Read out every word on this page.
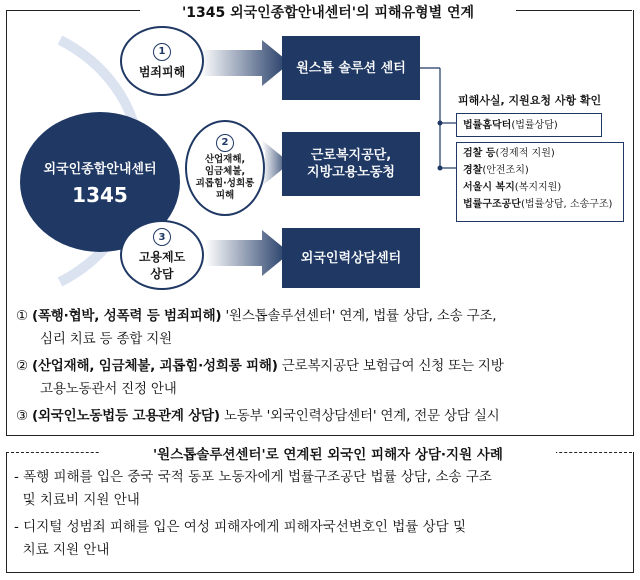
'1345 외국인종합안내센터'의 피해유형별 연계
외국인종합안내센터
1345
1
범죄피해
2
산업재해,
임금체불,
괴롭힘·성희롱
피해
3
고용제도
상담
원스톱 솔루션 센터
근로복지공단,
지방고용노동청
외국인력상담센터
피해사실, 지원요청 사항 확인
법률홈닥터(법률상담)
검찰 등(경제적 지원)
경찰(안전조치)
서울시 복지(복지지원)
법률구조공단(법률상담, 소송구조)
① (폭행·협박, 성폭력 등 범죄피해) '원스톱솔루션센터' 연계, 법률 상담, 소송 구조,
심리 치료 등 종합 지원
② (산업재해, 임금체불, 괴롭힘·성희롱 피해) 근로복지공단 보험급여 신청 또는 지방
고용노동관서 진정 안내
③ (외국인노동법등 고용관계 상담) 노동부 '외국인력상담센터' 연계, 전문 상담 실시
'원스톱솔루션센터'로 연계된 외국인 피해자 상담·지원 사례
- 폭행 피해를 입은 중국 국적 동포 노동자에게 법률구조공단 법률 상담, 소송 구조
및 치료비 지원 안내
- 디지털 성범죄 피해를 입은 여성 피해자에게 피해자국선변호인 법률 상담 및
치료 지원 안내
